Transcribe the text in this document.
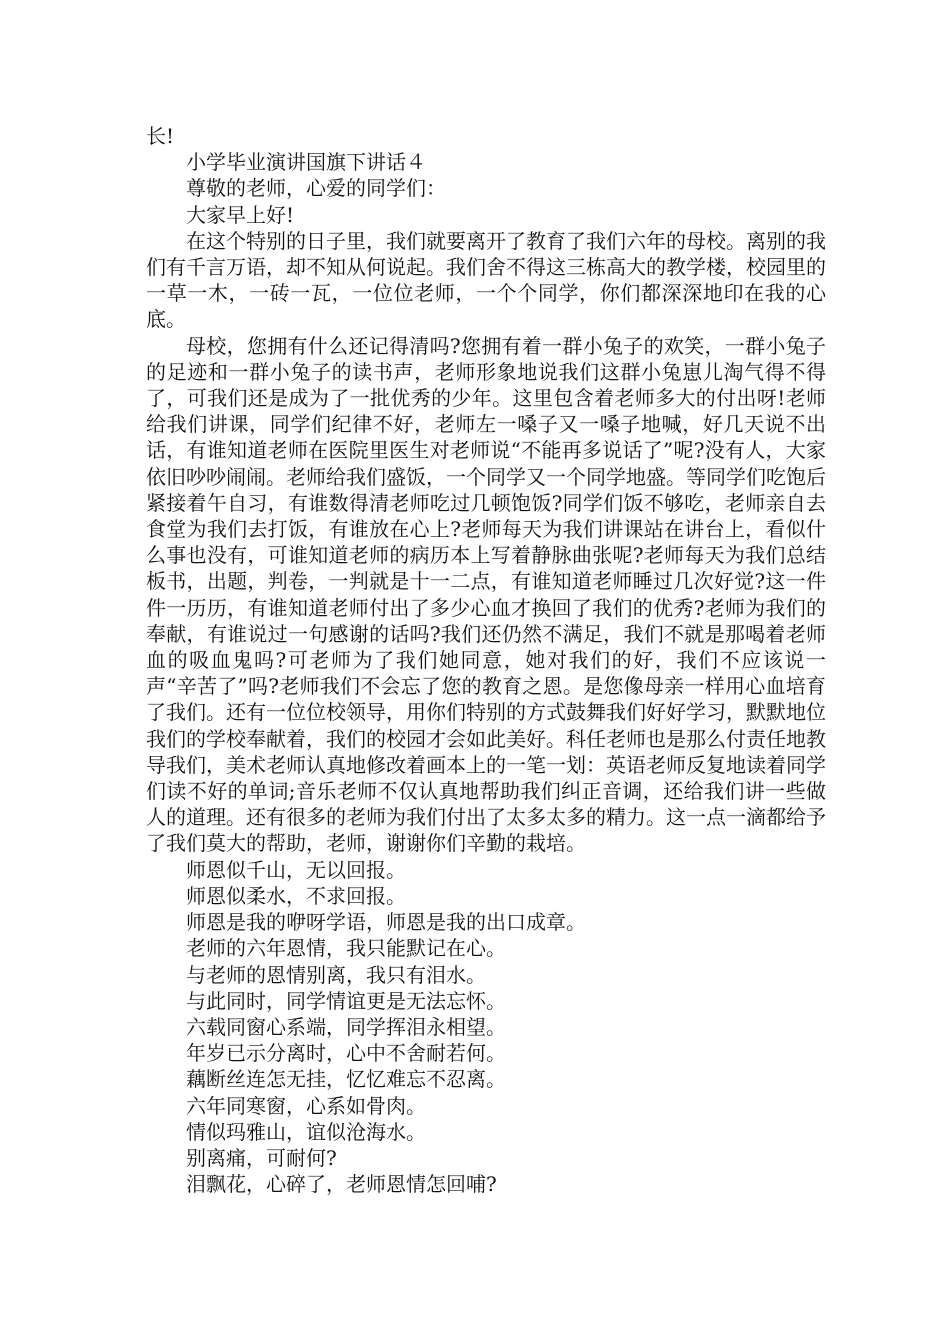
长!

小学毕业演讲国旗下讲话４

尊敬的老师，心爱的同学们：

大家早上好!

在这个特别的日子里，我们就要离开了教育了我们六年的母校。离别的我们有千言万语，却不知从何说起。我们舍不得这三栋高大的教学楼，校园里的一草一木，一砖一瓦，一位位老师，一个个同学，你们都深深地印在我的心底。

母校，您拥有什么还记得清吗?您拥有着一群小兔子的欢笑，一群小兔子的足迹和一群小兔子的读书声，老师形象地说我们这群小兔崽儿淘气得不得了，可我们还是成为了一批优秀的少年。这里包含着老师多大的付出呀!老师给我们讲课，同学们纪律不好，老师左一嗓子又一嗓子地喊，好几天说不出话，有谁知道老师在医院里医生对老师说“不能再多说话了”呢?没有人，大家依旧吵吵闹闹。老师给我们盛饭，一个同学又一个同学地盛。等同学们吃饱后紧接着午自习，有谁数得清老师吃过几顿饱饭?同学们饭不够吃，老师亲自去食堂为我们去打饭，有谁放在心上?老师每天为我们讲课站在讲台上，看似什么事也没有，可谁知道老师的病历本上写着静脉曲张呢?老师每天为我们总结板书，出题，判卷，一判就是十一二点，有谁知道老师睡过几次好觉?这一件件一历历，有谁知道老师付出了多少心血才换回了我们的优秀?老师为我们的奉献，有谁说过一句感谢的话吗?我们还仍然不满足，我们不就是那喝着老师血的吸血鬼吗?可老师为了我们她同意，她对我们的好，我们不应该说一声“辛苦了”吗?老师我们不会忘了您的教育之恩。是您像母亲一样用心血培育了我们。还有一位位校领导，用你们特别的方式鼓舞我们好好学习，默默地位我们的学校奉献着，我们的校园才会如此美好。科任老师也是那么付责任地教导我们，美术老师认真地修改着画本上的一笔一划：英语老师反复地读着同学们读不好的单词;音乐老师不仅认真地帮助我们纠正音调，还给我们讲一些做人的道理。还有很多的老师为我们付出了太多太多的精力。这一点一滴都给予了我们莫大的帮助，老师，谢谢你们辛勤的栽培。

师恩似千山，无以回报。

师恩似柔水，不求回报。

师恩是我的咿呀学语，师恩是我的出口成章。

老师的六年恩情，我只能默记在心。

与老师的恩情别离，我只有泪水。

与此同时，同学情谊更是无法忘怀。

六载同窗心系端，同学挥泪永相望。

年岁已示分离时，心中不舍耐若何。

藕断丝连怎无挂，忆忆难忘不忍离。

六年同寒窗，心系如骨肉。

情似玛雅山，谊似沧海水。

别离痛，可耐何?

泪飘花，心碎了，老师恩情怎回哺?
